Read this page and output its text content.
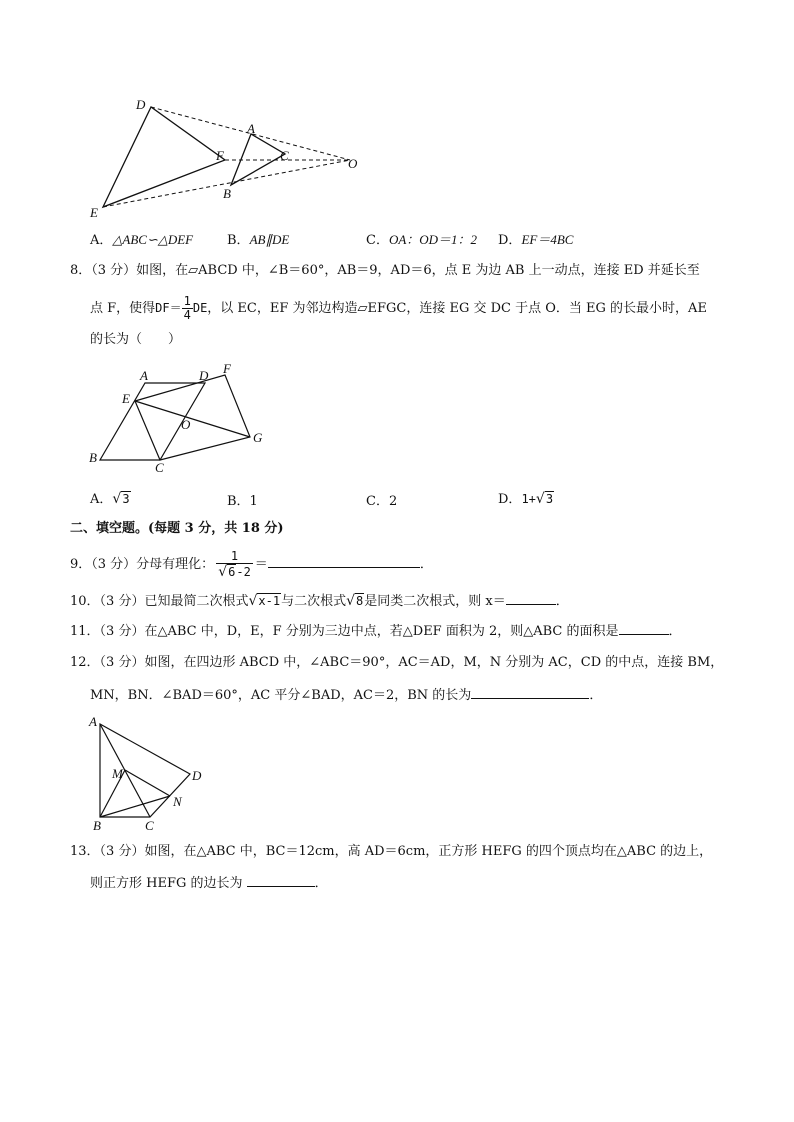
D
A
F	C
O
B
E
A．△ABC∽△DEF	B．AB∥DE	C．OA：OD＝1：2 D．EF＝4BC
8．（3 分）如图，在▱ABCD 中，∠B＝60°，AB＝9，AD＝6，点 E 为边 AB 上一动点，连接 ED 并延长至
点 F，使得$DF= \frac{1}{4}$ DE，以 EC，EF 为邻边构造▱EFGC，连接 EG 交 DC 于点 O．当 EG 的长最小时，AE
的长为（　　）
A	D F
E
O
G
B
C
A．√3	B．1	C．2	D．1+√3
二、填空题。(每题 3 分，共 18 分)
9．（3 分）分母有理化： $\frac{1}{√6-2}$ ＝	．
10．（3 分）已知最简二次根式√x-1与二次根式√8是同类二次根式，则 x＝	．
11．（3 分）在△ABC 中，D，E，F 分别为三边中点，若△DEF 面积为 2，则△ABC 的面积是	．
12．（3 分）如图，在四边形 ABCD 中，∠ABC＝90°，AC＝AD，M，N 分别为 AC，CD 的中点，连接 BM，
MN，BN．∠BAD＝60°，AC 平分∠BAD，AC＝2，BN 的长为	．
A
M	D
N
B	C
13．（3 分）如图，在△ABC 中，BC＝12cm，高 AD＝6cm，正方形 HEFG 的四个顶点均在△ABC 的边上，
则正方形 HEFG 的边长为	．
